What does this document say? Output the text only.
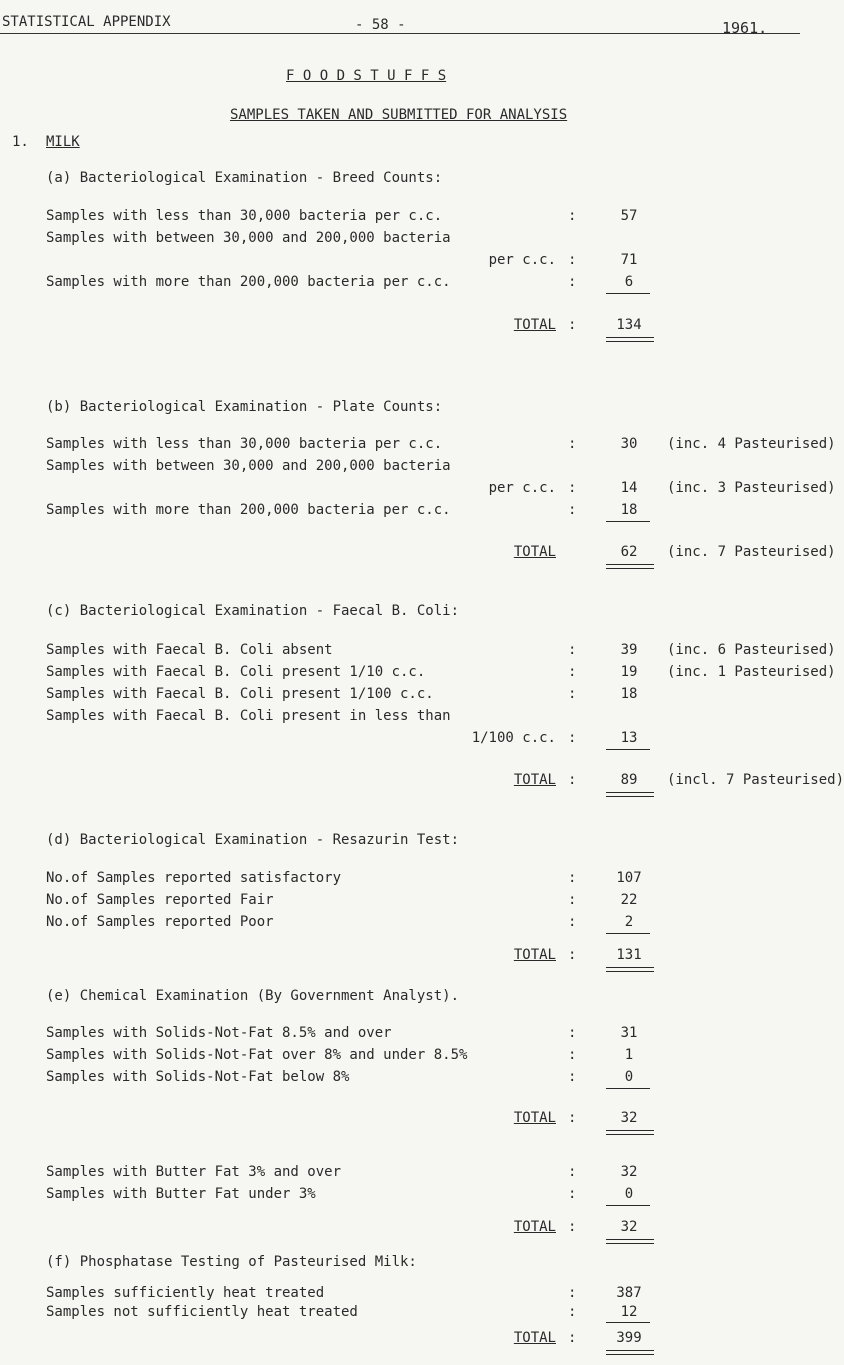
STATISTICAL APPENDIX	- 58 -	1961.
F O O D S T U F F S
SAMPLES TAKEN AND SUBMITTED FOR ANALYSIS
1. MILK
(a) Bacteriological Examination - Breed Counts:
Samples with less than 30,000 bacteria per c.c.	:	57
Samples with between 30,000 and 200,000 bacteria
per c.c. :	71
Samples with more than 200,000 bacteria per c.c.	:	6
TOTAL :	134
(b) Bacteriological Examination - Plate Counts:
Samples with less than 30,000 bacteria per c.c.	:	30	(inc. 4 Pasteurised)
Samples with between 30,000 and 200,000 bacteria
per c.c. :	14	(inc. 3 Pasteurised)
Samples with more than 200,000 bacteria per c.c.	:	18
TOTAL	62	(inc. 7 Pasteurised)
(c) Bacteriological Examination - Faecal B. Coli:
Samples with Faecal B. Coli absent	:	39	(inc. 6 Pasteurised)
Samples with Faecal B. Coli present 1/10 c.c.	:	19	(inc. 1 Pasteurised)
Samples with Faecal B. Coli present 1/100 c.c.	:	18
Samples with Faecal B. Coli present in less than
1/100 c.c. :	13
TOTAL :	89	(incl. 7 Pasteurised)
(d) Bacteriological Examination - Resazurin Test:
No.of Samples reported satisfactory	:	107
No.of Samples reported Fair	:	22
No.of Samples reported Poor	:	2
TOTAL :	131
(e) Chemical Examination (By Government Analyst).
Samples with Solids-Not-Fat 8.5% and over	:	31
Samples with Solids-Not-Fat over 8% and under 8.5%	:	1
Samples with Solids-Not-Fat below 8%	:	0
TOTAL :	32
Samples with Butter Fat 3% and over	:	32
Samples with Butter Fat under 3%	:	0
TOTAL :	32
(f) Phosphatase Testing of Pasteurised Milk:
Samples sufficiently heat treated	:	387
Samples not sufficiently heat treated	:	12
TOTAL :	399
